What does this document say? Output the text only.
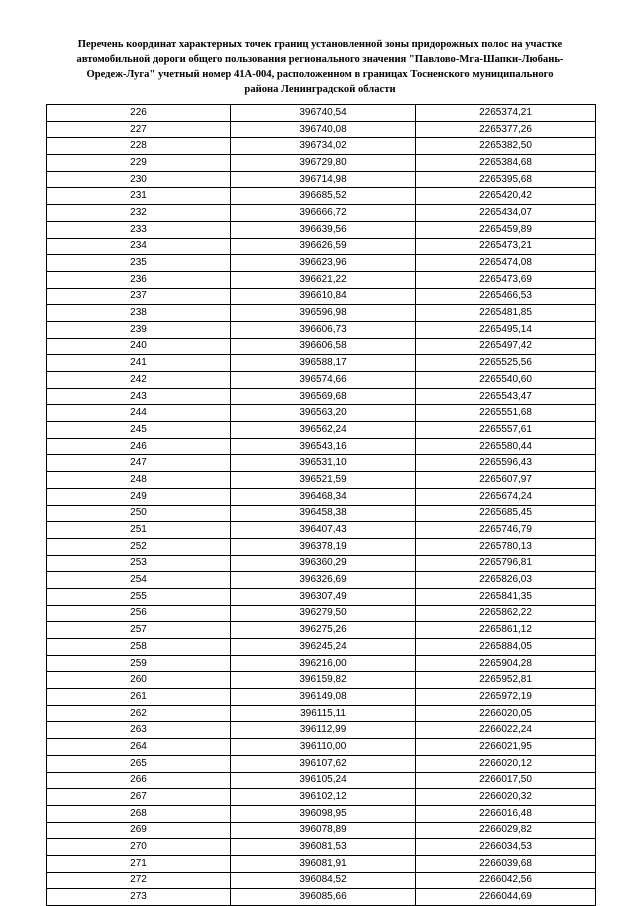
Перечень координат характерных точек границ установленной зоны придорожных полос на участке
автомобильной дороги общего пользования регионального значения "Павлово-Мга-Шапки-Любань-
Оредеж-Луга" учетный номер 41А-004, расположенном в границах Тосненского муниципального
района Ленинградской области
226	396740,54	2265374,21
227	396740,08	2265377,26
228	396734,02	2265382,50
229	396729,80	2265384,68
230	396714,98	2265395,68
231	396685,52	2265420,42
232	396666,72	2265434,07
233	396639,56	2265459,89
234	396626,59	2265473,21
235	396623,96	2265474,08
236	396621,22	2265473,69
237	396610,84	2265466,53
238	396596,98	2265481,85
239	396606,73	2265495,14
240	396606,58	2265497,42
241	396588,17	2265525,56
242	396574,66	2265540,60
243	396569,68	2265543,47
244	396563,20	2265551,68
245	396562,24	2265557,61
246	396543,16	2265580,44
247	396531,10	2265596,43
248	396521,59	2265607,97
249	396468,34	2265674,24
250	396458,38	2265685,45
251	396407,43	2265746,79
252	396378,19	2265780,13
253	396360,29	2265796,81
254	396326,69	2265826,03
255	396307,49	2265841,35
256	396279,50	2265862,22
257	396275,26	2265861,12
258	396245,24	2265884,05
259	396216,00	2265904,28
260	396159,82	2265952,81
261	396149,08	2265972,19
262	396115,11	2266020,05
263	396112,99	2266022,24
264	396110,00	2266021,95
265	396107,62	2266020,12
266	396105,24	2266017,50
267	396102,12	2266020,32
268	396098,95	2266016,48
269	396078,89	2266029,82
270	396081,53	2266034,53
271	396081,91	2266039,68
272	396084,52	2266042,56
273	396085,66	2266044,69
